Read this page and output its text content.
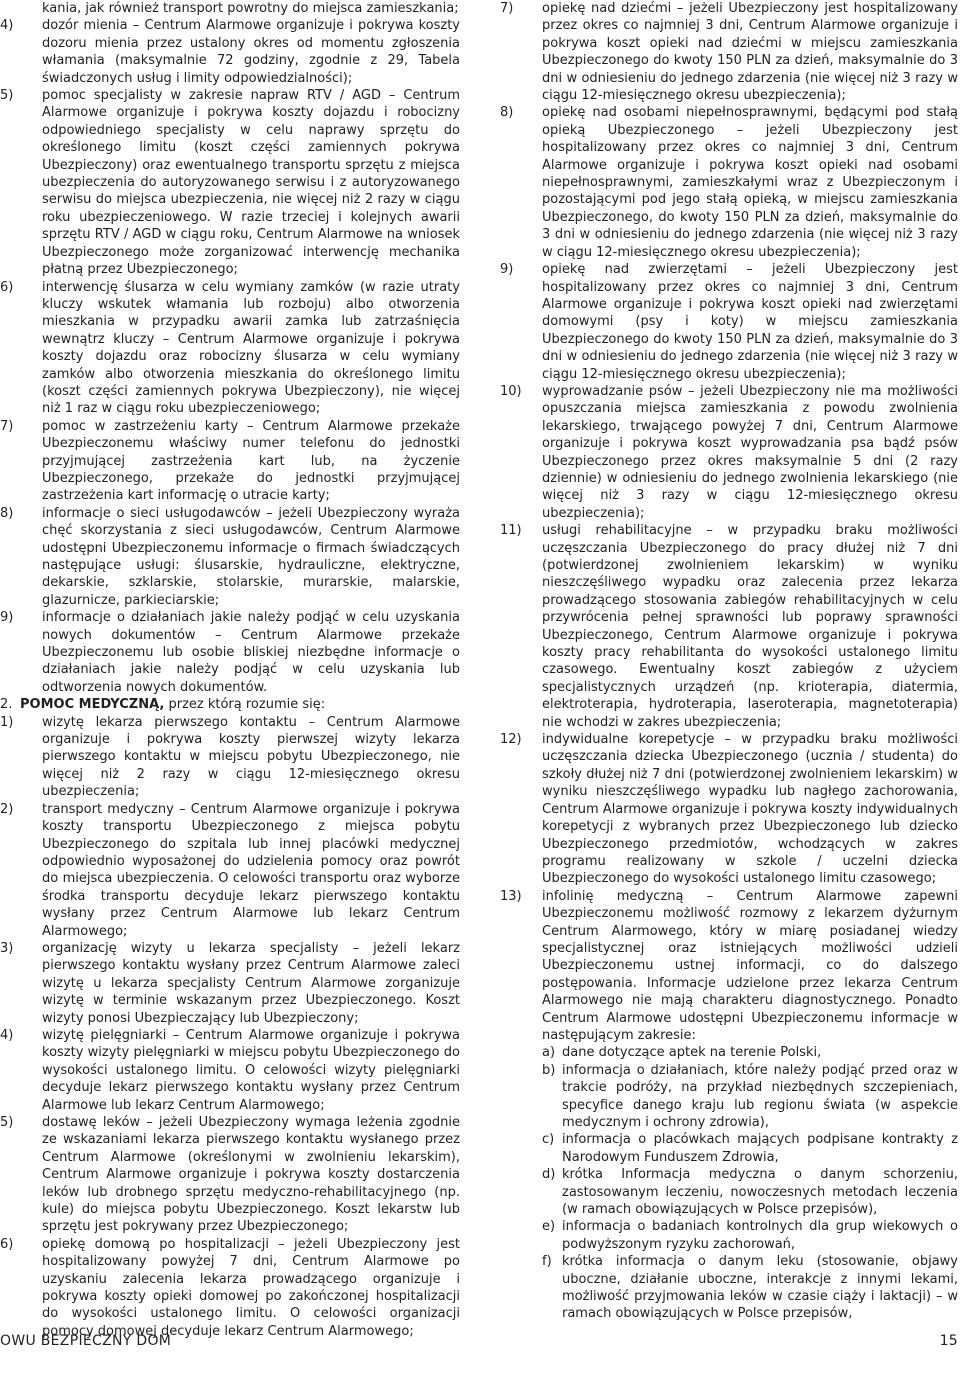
kania, jak również transport powrotny do miejsca zamieszkania;
4) dozór mienia – Centrum Alarmowe organizuje i pokrywa koszty dozoru mienia przez ustalony okres od momentu zgłoszenia włamania (maksymalnie 72 godziny, zgodnie z 29, Tabela świadczonych usług i limity odpowiedzialności);
5) pomoc specjalisty w zakresie napraw RTV / AGD – Centrum Alarmowe organizuje i pokrywa koszty dojazdu i robocizny odpowiedniego specjalisty w celu naprawy sprzętu do określonego limitu (koszt części zamiennych pokrywa Ubezpieczony) oraz ewentualnego transportu sprzętu z miejsca ubezpieczenia do autoryzowanego serwisu i z autoryzowanego serwisu do miejsca ubezpieczenia, nie więcej niż 2 razy w ciągu roku ubezpieczeniowego. W razie trzeciej i kolejnych awarii sprzętu RTV / AGD w ciągu roku, Centrum Alarmowe na wniosek Ubezpieczonego może zorganizować interwencję mechanika płatną przez Ubezpieczonego;
6) interwencję ślusarza w celu wymiany zamków (w razie utraty kluczy wskutek włamania lub rozboju) albo otworzenia mieszkania w przypadku awarii zamka lub zatrzaśnięcia wewnątrz kluczy – Centrum Alarmowe organizuje i pokrywa koszty dojazdu oraz robocizny ślusarza w celu wymiany zamków albo otworzenia mieszkania do określonego limitu (koszt części zamiennych pokrywa Ubezpieczony), nie więcej niż 1 raz w ciągu roku ubezpieczeniowego;
7) pomoc w zastrzeżeniu karty – Centrum Alarmowe przekaże Ubezpieczonemu właściwy numer telefonu do jednostki przyjmującej zastrzeżenia kart lub, na życzenie Ubezpieczonego, przekaże do jednostki przyjmującej zastrzeżenia kart informację o utracie karty;
8) informacje o sieci usługodawców – jeżeli Ubezpieczony wyraża chęć skorzystania z sieci usługodawców, Centrum Alarmowe udostępni Ubezpieczonemu informacje o firmach świadczących następujące usługi: ślusarskie, hydrauliczne, elektryczne, dekarskie, szklarskie, stolarskie, murarskie, malarskie, glazurnicze, parkieciarskie;
9) informacje o działaniach jakie należy podjąć w celu uzyskania nowych dokumentów – Centrum Alarmowe przekaże Ubezpieczonemu lub osobie bliskiej niezbędne informacje o działaniach jakie należy podjąć w celu uzyskania lub odtworzenia nowych dokumentów.
2. POMOC MEDYCZNĄ, przez którą rozumie się:
1) wizytę lekarza pierwszego kontaktu – Centrum Alarmowe organizuje i pokrywa koszty pierwszej wizyty lekarza pierwszego kontaktu w miejscu pobytu Ubezpieczonego, nie więcej niż 2 razy w ciągu 12-miesięcznego okresu ubezpieczenia;
2) transport medyczny – Centrum Alarmowe organizuje i pokrywa koszty transportu Ubezpieczonego z miejsca pobytu Ubezpieczonego do szpitala lub innej placówki medycznej odpowiednio wyposażonej do udzielenia pomocy oraz powrót do miejsca ubezpieczenia. O celowości transportu oraz wyborze środka transportu decyduje lekarz pierwszego kontaktu wysłany przez Centrum Alarmowe lub lekarz Centrum Alarmowego;
3) organizację wizyty u lekarza specjalisty – jeżeli lekarz pierwszego kontaktu wysłany przez Centrum Alarmowe zaleci wizytę u lekarza specjalisty Centrum Alarmowe zorganizuje wizytę w terminie wskazanym przez Ubezpieczonego. Koszt wizyty ponosi Ubezpieczający lub Ubezpieczony;
4) wizytę pielęgniarki – Centrum Alarmowe organizuje i pokrywa koszty wizyty pielęgniarki w miejscu pobytu Ubezpieczonego do wysokości ustalonego limitu. O celowości wizyty pielęgniarki decyduje lekarz pierwszego kontaktu wysłany przez Centrum Alarmowe lub lekarz Centrum Alarmowego;
5) dostawę leków – jeżeli Ubezpieczony wymaga leżenia zgodnie ze wskazaniami lekarza pierwszego kontaktu wysłanego przez Centrum Alarmowe (określonymi w zwolnieniu lekarskim), Centrum Alarmowe organizuje i pokrywa koszty dostarczenia leków lub drobnego sprzętu medyczno-rehabilitacyjnego (np. kule) do miejsca pobytu Ubezpieczonego. Koszt lekarstw lub sprzętu jest pokrywany przez Ubezpieczonego;
6) opiekę domową po hospitalizacji – jeżeli Ubezpieczony jest hospitalizowany powyżej 7 dni, Centrum Alarmowe po uzyskaniu zalecenia lekarza prowadzącego organizuje i pokrywa koszty opieki domowej po zakończonej hospitalizacji do wysokości ustalonego limitu. O celowości organizacji pomocy domowej decyduje lekarz Centrum Alarmowego;
7) opiekę nad dziećmi – jeżeli Ubezpieczony jest hospitalizowany przez okres co najmniej 3 dni, Centrum Alarmowe organizuje i pokrywa koszt opieki nad dziećmi w miejscu zamieszkania Ubezpieczonego do kwoty 150 PLN za dzień, maksymalnie do 3 dni w odniesieniu do jednego zdarzenia (nie więcej niż 3 razy w ciągu 12-miesięcznego okresu ubezpieczenia);
8) opiekę nad osobami niepełnosprawnymi, będącymi pod stałą opieką Ubezpieczonego – jeżeli Ubezpieczony jest hospitalizowany przez okres co najmniej 3 dni, Centrum Alarmowe organizuje i pokrywa koszt opieki nad osobami niepełnosprawnymi, zamieszkałymi wraz z Ubezpieczonym i pozostającymi pod jego stałą opieką, w miejscu zamieszkania Ubezpieczonego, do kwoty 150 PLN za dzień, maksymalnie do 3 dni w odniesieniu do jednego zdarzenia (nie więcej niż 3 razy w ciągu 12-miesięcznego okresu ubezpieczenia);
9) opiekę nad zwierzętami – jeżeli Ubezpieczony jest hospitalizowany przez okres co najmniej 3 dni, Centrum Alarmowe organizuje i pokrywa koszt opieki nad zwierzętami domowymi (psy i koty) w miejscu zamieszkania Ubezpieczonego do kwoty 150 PLN za dzień, maksymalnie do 3 dni w odniesieniu do jednego zdarzenia (nie więcej niż 3 razy w ciągu 12-miesięcznego okresu ubezpieczenia);
10) wyprowadzanie psów – jeżeli Ubezpieczony nie ma możliwości opuszczania miejsca zamieszkania z powodu zwolnienia lekarskiego, trwającego powyżej 7 dni, Centrum Alarmowe organizuje i pokrywa koszt wyprowadzania psa bądź psów Ubezpieczonego przez okres maksymalnie 5 dni (2 razy dziennie) w odniesieniu do jednego zwolnienia lekarskiego (nie więcej niż 3 razy w ciągu 12-miesięcznego okresu ubezpieczenia);
11) usługi rehabilitacyjne – w przypadku braku możliwości uczęszczania Ubezpieczonego do pracy dłużej niż 7 dni (potwierdzonej zwolnieniem lekarskim) w wyniku nieszczęśliwego wypadku oraz zalecenia przez lekarza prowadzącego stosowania zabiegów rehabilitacyjnych w celu przywrócenia pełnej sprawności lub poprawy sprawności Ubezpieczonego, Centrum Alarmowe organizuje i pokrywa koszty pracy rehabilitanta do wysokości ustalonego limitu czasowego. Ewentualny koszt zabiegów z użyciem specjalistycznych urządzeń (np. krioterapia, diatermia, elektroterapia, hydroterapia, laseroterapia, magnetoterapia) nie wchodzi w zakres ubezpieczenia;
12) indywidualne korepetycje – w przypadku braku możliwości uczęszczania dziecka Ubezpieczonego (ucznia / studenta) do szkoły dłużej niż 7 dni (potwierdzonej zwolnieniem lekarskim) w wyniku nieszczęśliwego wypadku lub nagłego zachorowania, Centrum Alarmowe organizuje i pokrywa koszty indywidualnych korepetycji z wybranych przez Ubezpieczonego lub dziecko Ubezpieczonego przedmiotów, wchodzących w zakres programu realizowany w szkole / uczelni dziecka Ubezpieczonego do wysokości ustalonego limitu czasowego;
13) infolinię medyczną – Centrum Alarmowe zapewni Ubezpieczonemu możliwość rozmowy z lekarzem dyżurnym Centrum Alarmowego, który w miarę posiadanej wiedzy specjalistycznej oraz istniejących możliwości udzieli Ubezpieczonemu ustnej informacji, co do dalszego postępowania. Informacje udzielone przez lekarza Centrum Alarmowego nie mają charakteru diagnostycznego. Ponadto Centrum Alarmowe udostępni Ubezpieczonemu informacje w następującym zakresie:
a) dane dotyczące aptek na terenie Polski,
b) informacja o działaniach, które należy podjąć przed oraz w trakcie podróży, na przykład niezbędnych szczepieniach, specyfice danego kraju lub regionu świata (w aspekcie medycznym i ochrony zdrowia),
c) informacja o placówkach mających podpisane kontrakty z Narodowym Funduszem Zdrowia,
d) krótka Informacja medyczna o danym schorzeniu, zastosowanym leczeniu, nowoczesnych metodach leczenia (w ramach obowiązujących w Polsce przepisów),
e) informacja o badaniach kontrolnych dla grup wiekowych o podwyższonym ryzyku zachorowań,
f) krótka informacja o danym leku (stosowanie, objawy uboczne, działanie uboczne, interakcje z innymi lekami, możliwość przyjmowania leków w czasie ciąży i laktacji) – w ramach obowiązujących w Polsce przepisów,
OWU BEZPIECZNY DOM	15
